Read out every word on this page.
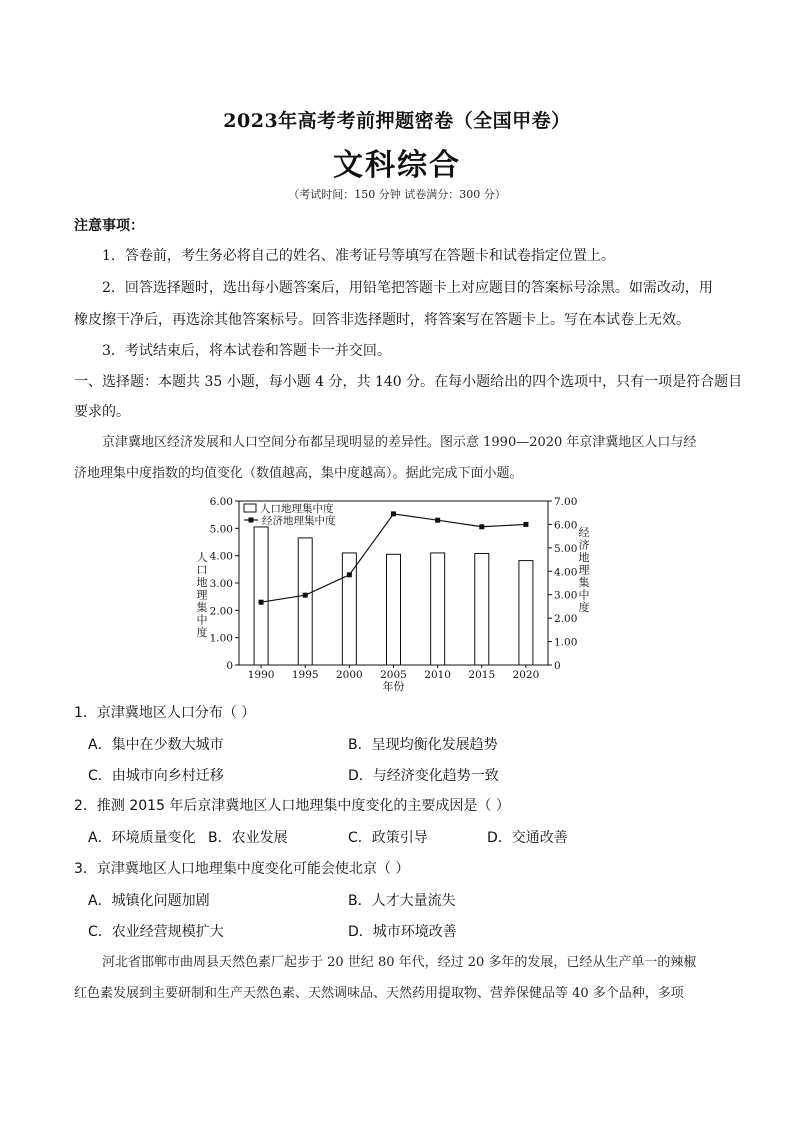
2023年高考考前押题密卷（全国甲卷）
文科综合
（考试时间：150 分钟 试卷满分：300 分）
注意事项：
1．答卷前，考生务必将自己的姓名、准考证号等填写在答题卡和试卷指定位置上。
2．回答选择题时，选出每小题答案后，用铅笔把答题卡上对应题目的答案标号涂黑。如需改动，用
橡皮擦干净后，再选涂其他答案标号。回答非选择题时，将答案写在答题卡上。写在本试卷上无效。
3．考试结束后，将本试卷和答题卡一并交回。
一、选择题：本题共 35 小题，每小题 4 分，共 140 分。在每小题给出的四个选项中，只有一项是符合题目
要求的。
京津冀地区经济发展和人口空间分布都呈现明显的差异性。图示意 1990—2020 年京津冀地区人口与经
济地理集中度指数的均值变化（数值越高，集中度越高）。据此完成下面小题。
0
1.00
2.00
3.00
4.00
5.00
6.00
0
1.00
2.00
3.00
4.00
5.00
6.00
7.00
1990 1995 2000 2005 2010 2015 2020
人口地理集中度
经济地理集中度
人
口
地
理
集
中
度
经
济
地
理
集
中
度
年份
1．京津冀地区人口分布（ ）
A．集中在少数大城市	B．呈现均衡化发展趋势
C．由城市向乡村迁移	D．与经济变化趋势一致
2．推测 2015 年后京津冀地区人口地理集中度变化的主要成因是（ ）
A．环境质量变化 B．农业发展	C．政策引导	D．交通改善
3．京津冀地区人口地理集中度变化可能会使北京（ ）
A．城镇化问题加剧	B．人才大量流失
C．农业经营规模扩大	D．城市环境改善
河北省邯郸市曲周县天然色素厂起步于 20 世纪 80 年代，经过 20 多年的发展，已经从生产单一的辣椒
红色素发展到主要研制和生产天然色素、天然调味品、天然药用提取物、营养保健品等 40 多个品种，多项
